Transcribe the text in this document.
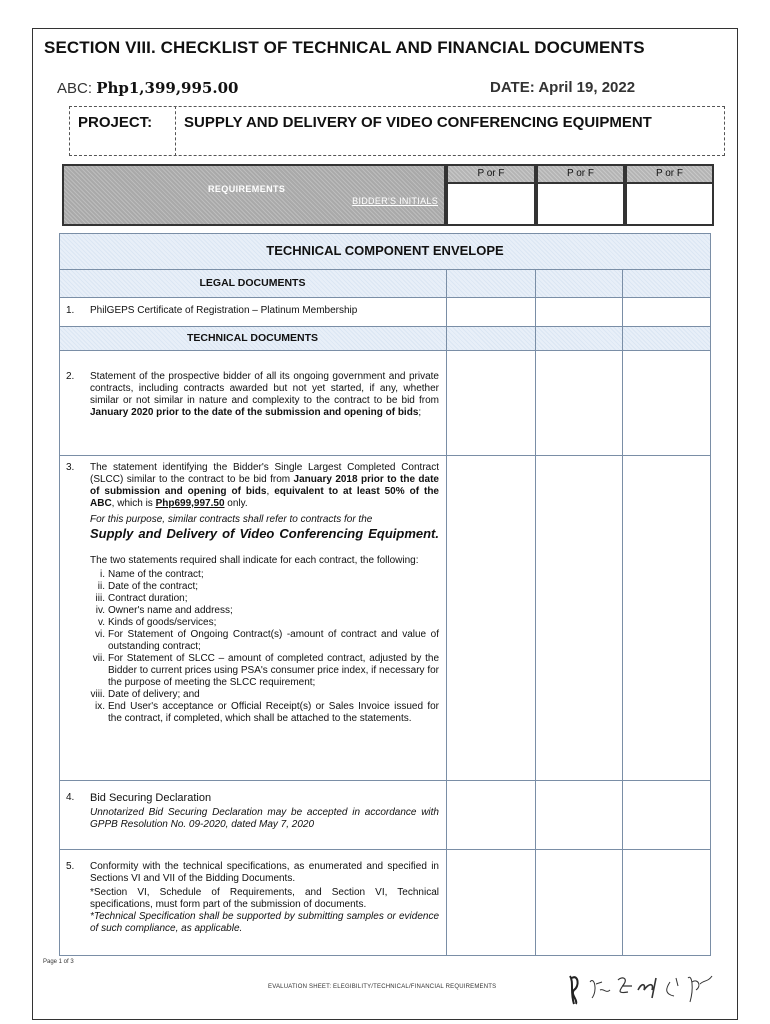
SECTION VIII. CHECKLIST OF TECHNICAL AND FINANCIAL DOCUMENTS
ABC: Php1,399,995.00	DATE: April 19, 2022
PROJECT: SUPPLY AND DELIVERY OF VIDEO CONFERENCING EQUIPMENT
REQUIREMENTS
BIDDER'S INITIALS
P or F	P or F	P or F
TECHNICAL COMPONENT ENVELOPE
LEGAL DOCUMENTS
TECHNICAL DOCUMENTS
1. PhilGEPS Certificate of Registration – Platinum Membership
2. Statement of the prospective bidder of all its ongoing government and private contracts, including contracts awarded but not yet started, if any, whether similar or not similar in nature and complexity to the contract to be bid from January 2020 prior to the date of the submission and opening of bids;
3. The statement identifying the Bidder's Single Largest Completed Contract (SLCC) similar to the contract to be bid from January 2018 prior to the date of submission and opening of bids, equivalent to at least 50% of the ABC, which is Php699,997.50 only.
For this purpose, similar contracts shall refer to contracts for the
Supply and Delivery of Video Conferencing Equipment.
The two statements required shall indicate for each contract, the following:
i. Name of the contract;
ii. Date of the contract;
iii. Contract duration;
iv. Owner's name and address;
v. Kinds of goods/services;
vi. For Statement of Ongoing Contract(s) -amount of contract and value of outstanding contract;
vii. For Statement of SLCC – amount of completed contract, adjusted by the Bidder to current prices using PSA's consumer price index, if necessary for the purpose of meeting the SLCC requirement;
viii. Date of delivery; and
ix. End User's acceptance or Official Receipt(s) or Sales Invoice issued for the contract, if completed, which shall be attached to the statements.
4. Bid Securing Declaration
Unnotarized Bid Securing Declaration may be accepted in accordance with GPPB Resolution No. 09-2020, dated May 7, 2020
5. Conformity with the technical specifications, as enumerated and specified in Sections VI and VII of the Bidding Documents.
*Section VI, Schedule of Requirements, and Section VI, Technical specifications, must form part of the submission of documents.
*Technical Specification shall be supported by submitting samples or evidence of such compliance, as applicable.
Page 1 of 3
EVALUATION SHEET: ELEGIBILITY/TECHNICAL/FINANCIAL REQUIREMENTS
